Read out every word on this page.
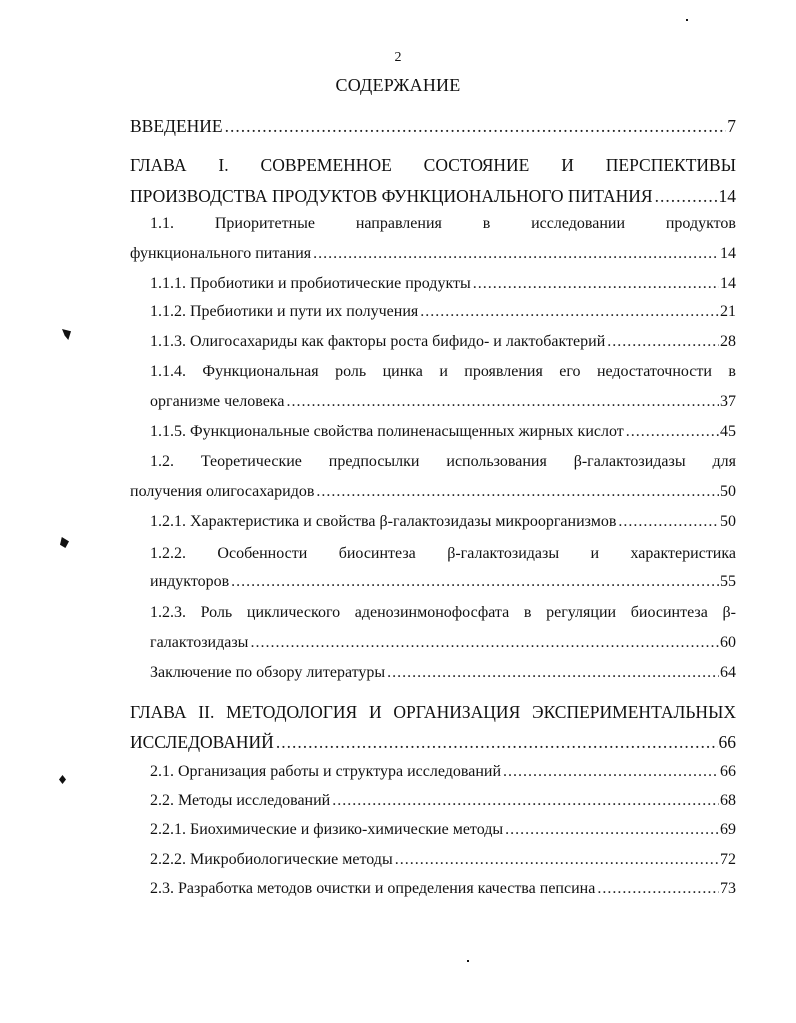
2
СОДЕРЖАНИЕ
ВВЕДЕНИЕ .....	7
ГЛАВА I. СОВРЕМЕННОЕ СОСТОЯНИЕ И ПЕРСПЕКТИВЫ
ПРОИЗВОДСТВА ПРОДУКТОВ ФУНКЦИОНАЛЬНОГО ПИТАНИЯ .....	14
1.1.	Приоритетные	направления	в	исследовании	продуктов
функционального питания .....	14
1.1.1. Пробиотики и пробиотические продукты .....	14
1.1.2. Пребиотики и пути их получения .....	21
1.1.3. Олигосахариды как факторы роста бифидо- и лактобактерий .....	28
1.1.4. Функциональная роль цинка и проявления его недостаточности в
организме человека .....	37
1.1.5. Функциональные свойства полиненасыщенных жирных кислот .....	45
1.2. Теоретические предпосылки использования β-галактозидазы для
получения олигосахаридов .....	50
1.2.1. Характеристика и свойства β-галактозидазы микроорганизмов .....	50
1.2.2. Особенности биосинтеза β-галактозидазы и характеристика
индукторов .....	55
1.2.3. Роль циклического аденозинмонофосфата в регуляции биосинтеза β-
галактозидазы .....	60
Заключение по обзору литературы .....	64
ГЛАВА II. МЕТОДОЛОГИЯ И ОРГАНИЗАЦИЯ ЭКСПЕРИМЕНТАЛЬНЫХ
ИССЛЕДОВАНИЙ .....	66
2.1. Организация работы и структура исследований .....	66
2.2. Методы исследований .....	68
2.2.1. Биохимические и физико-химические методы .....	69
2.2.2. Микробиологические методы .....	72
2.3. Разработка методов очистки и определения качества пепсина .....	73
